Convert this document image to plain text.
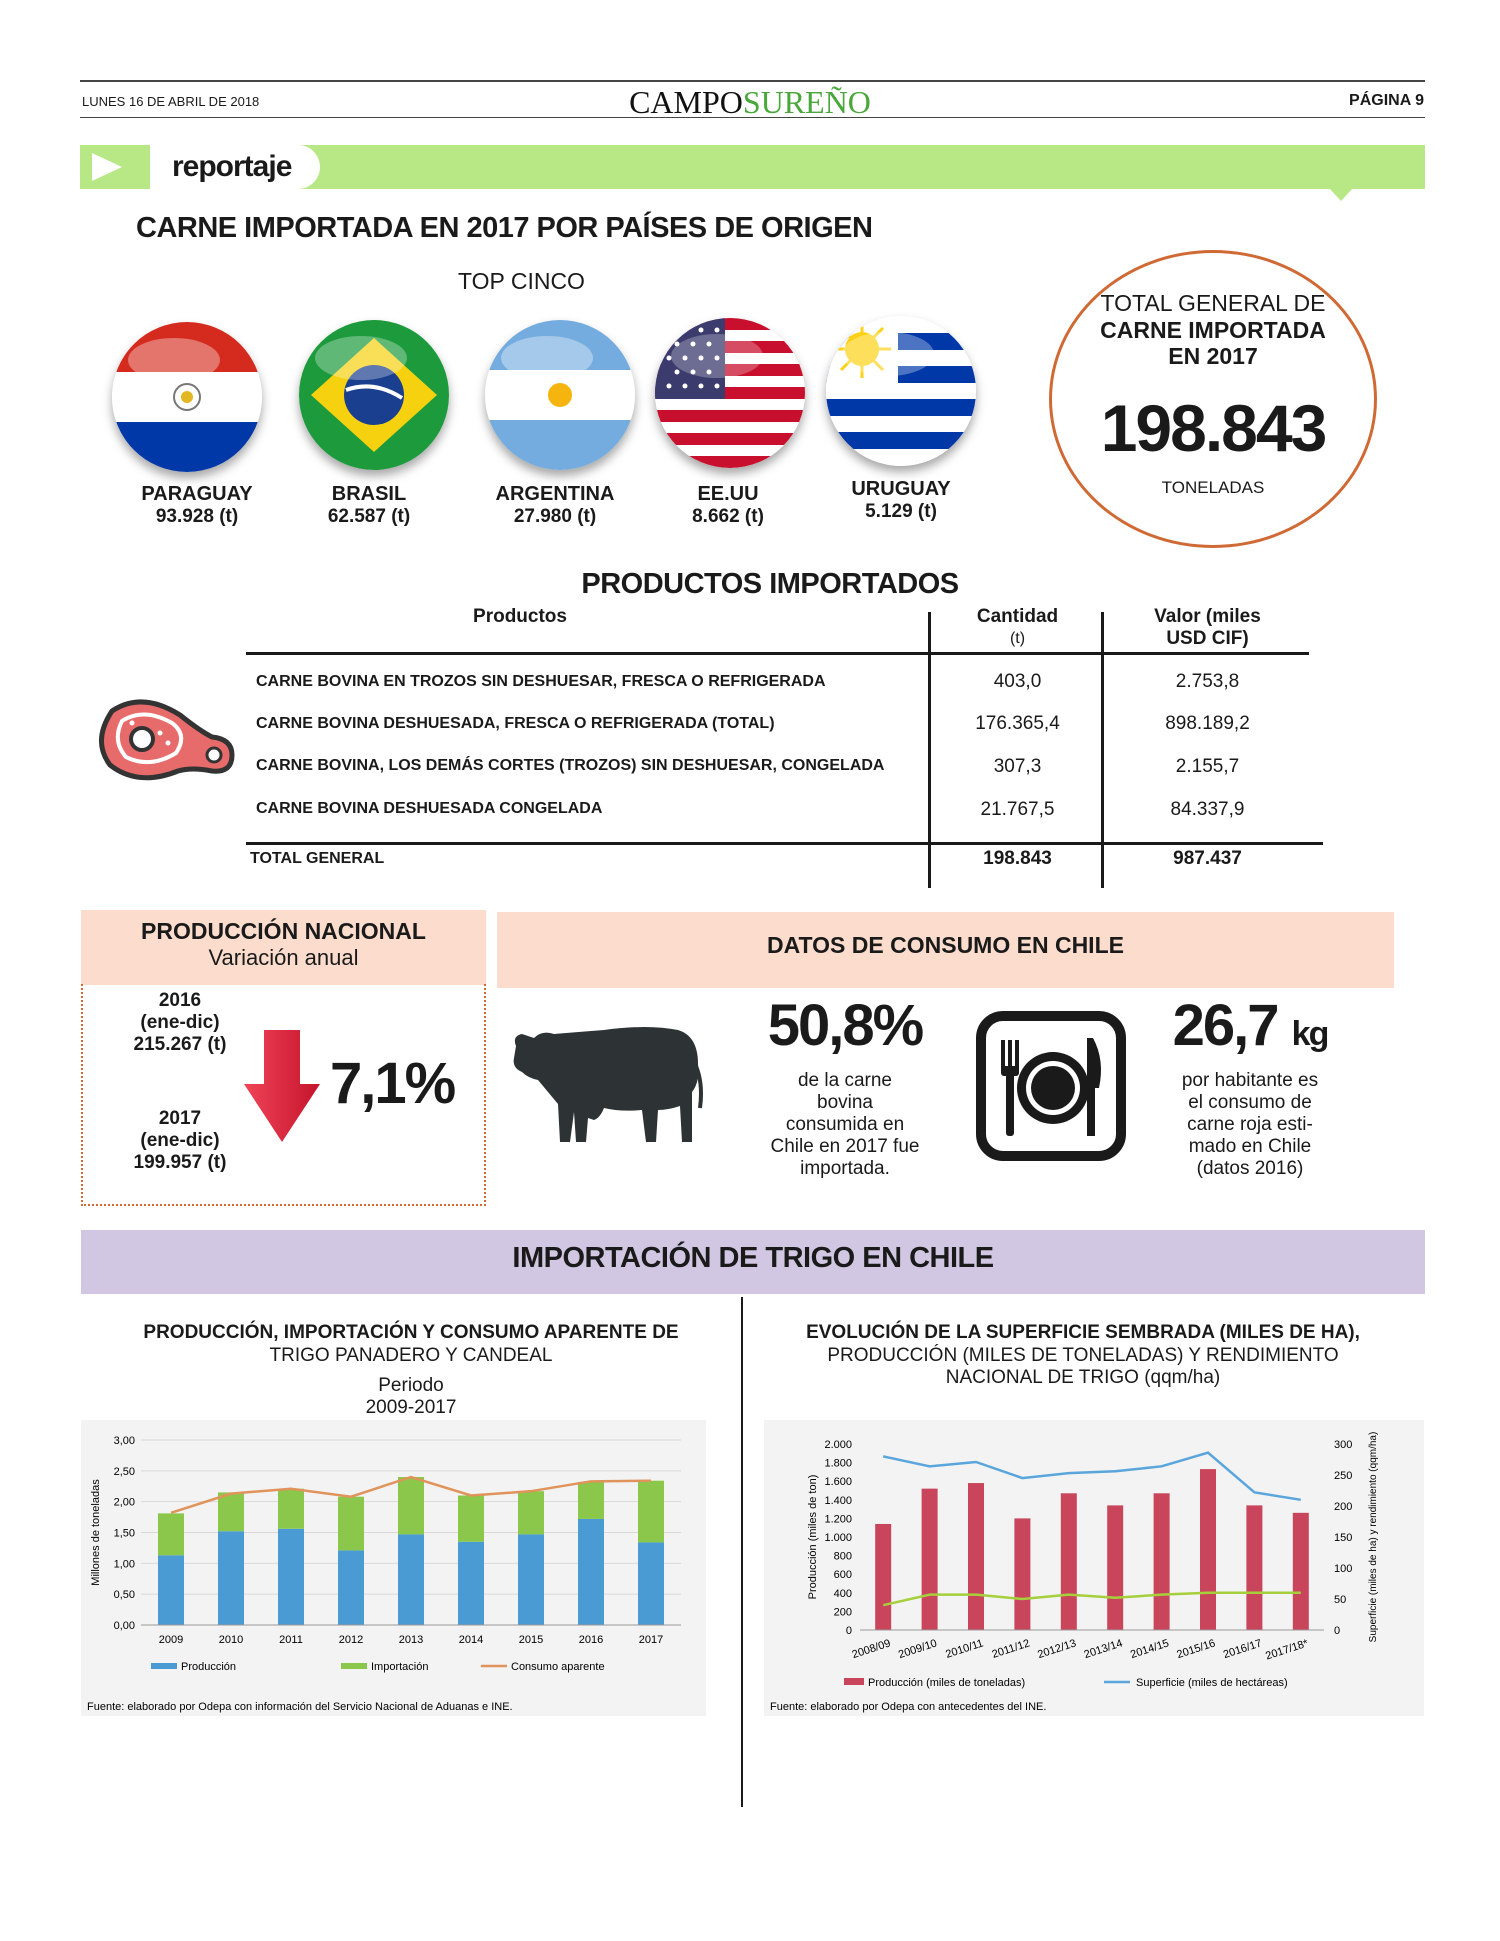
LUNES 16 DE ABRIL DE 2018	CAMPOSUREÑO	PÁGINA 9
reportaje
CARNE IMPORTADA EN 2017 POR PAÍSES DE ORIGEN
TOP CINCO
PARAGUAY
93.928 (t)
BRASIL
62.587 (t)
ARGENTINA
27.980 (t)
EE.UU
8.662 (t)
URUGUAY
5.129 (t)
TOTAL GENERAL DE
CARNE IMPORTADA
EN 2017
198.843
TONELADAS
PRODUCTOS IMPORTADOS
Productos	Cantidad
(t)
Valor (miles
USD CIF)
CARNE BOVINA EN TROZOS SIN DESHUESAR, FRESCA O REFRIGERADA	403,0	2.753,8
CARNE BOVINA DESHUESADA, FRESCA O REFRIGERADA (TOTAL)	176.365,4	898.189,2
CARNE BOVINA, LOS DEMÁS CORTES (TROZOS) SIN DESHUESAR, CONGELADA	307,3	2.155,7
CARNE BOVINA DESHUESADA CONGELADA	21.767,5	84.337,9
TOTAL GENERAL	198.843	987.437
PRODUCCIÓN NACIONAL
Variación anual
2016
(ene-dic)
215.267 (t)
2017
(ene-dic)
199.957 (t)
7,1%
DATOS DE CONSUMO EN CHILE
50,8%
de la carne
bovina
consumida en
Chile en 2017 fue
importada.
26,7 kg
por habitante es
el consumo de
carne roja esti-
mado en Chile
(datos 2016)
IMPORTACIÓN DE TRIGO EN CHILE
PRODUCCIÓN, IMPORTACIÓN Y CONSUMO APARENTE DE
TRIGO PANADERO Y CANDEAL
Periodo
2009-2017
EVOLUCIÓN DE LA SUPERFICIE SEMBRADA (MILES DE HA),
PRODUCCIÓN (MILES DE TONELADAS) Y RENDIMIENTO
NACIONAL DE TRIGO (qqm/ha)
Fuente: elaborado por Odepa con información del Servicio Nacional de Aduanas e INE.
0,00
0,50
1,00
1,50
2,00
2,50
3,00
Millones de toneladas
2009	2010	2011	2012	2013	2014	2015	2016	2017
Producción	Importación	Consumo aparente
Fuente: elaborado por Odepa con antecedentes del INE.
0
200
400
600
800
1.000
1.200
1.400
1.600
1.800
2.000
0
50
100
150
200
250
300
Producción (miles de ton)	Superficie (miles de ha) y rendimiento (qqm/ha)
2008/09 2009/10 2010/11 2011/12 2012/13 2013/14 2014/15 2015/16 2016/17 2017/18*
Producción (miles de toneladas)	Superficie (miles de hectáreas)
